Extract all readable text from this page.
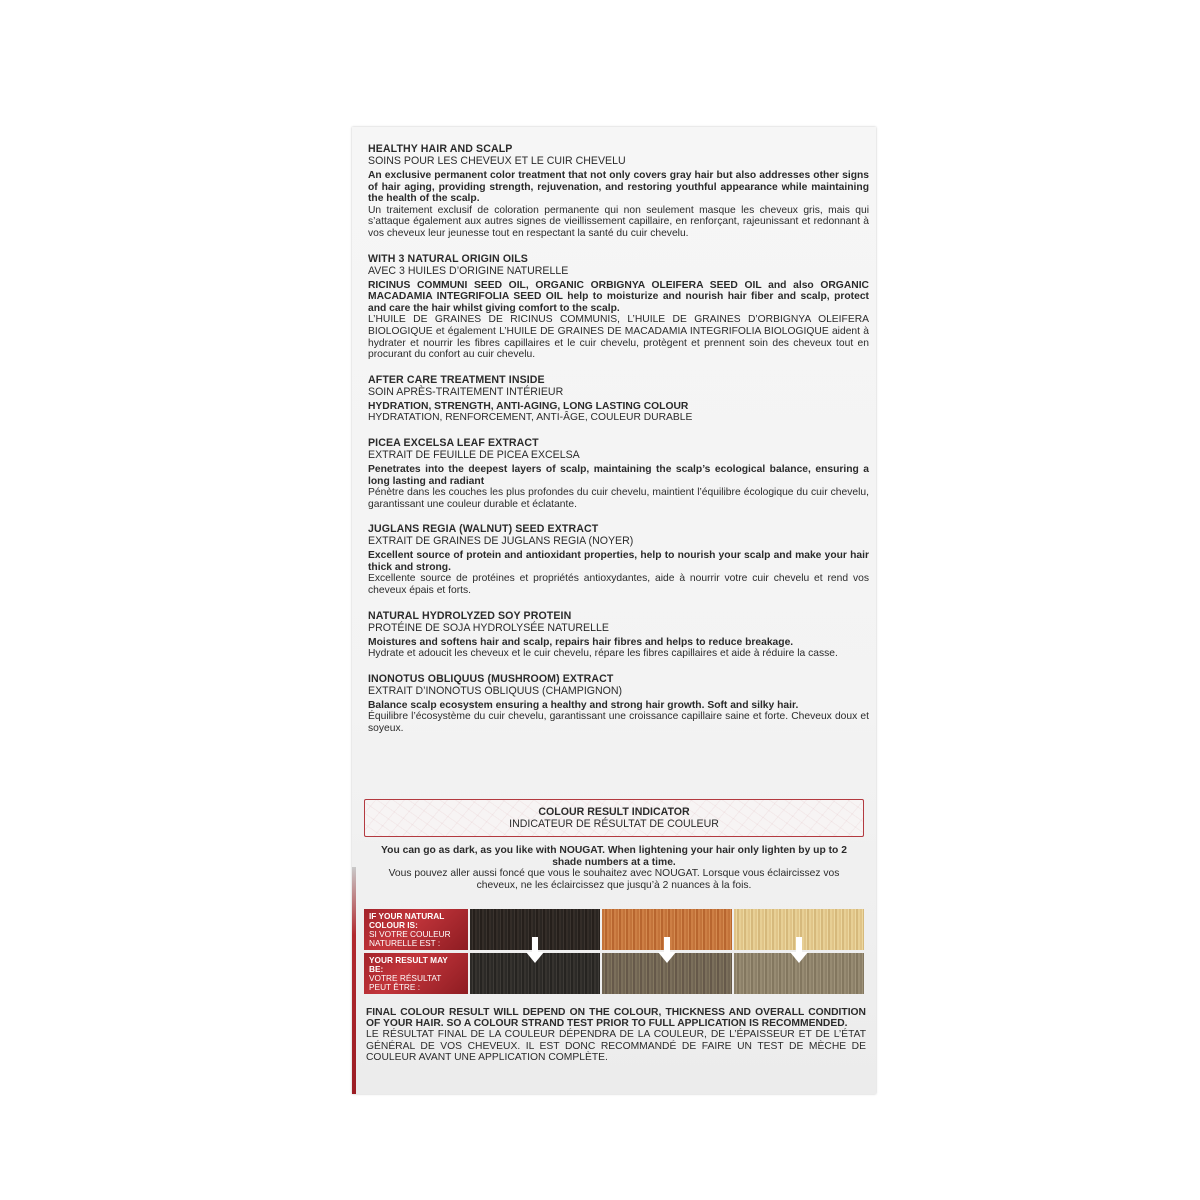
HEALTHY HAIR AND SCALP
SOINS POUR LES CHEVEUX ET LE CUIR CHEVELU
An exclusive permanent color treatment that not only covers gray hair but also addresses other signs of hair aging, providing strength, rejuvenation, and restoring youthful appearance while maintaining the health of the scalp.
Un traitement exclusif de coloration permanente qui non seulement masque les cheveux gris, mais qui s’attaque également aux autres signes de vieillissement capillaire, en renforçant, rajeunissant et redonnant à vos cheveux leur jeunesse tout en respectant la santé du cuir chevelu.
WITH 3 NATURAL ORIGIN OILS
AVEC 3 HUILES D’ORIGINE NATURELLE
RICINUS COMMUNI SEED OIL, ORGANIC ORBIGNYA OLEIFERA SEED OIL and also ORGANIC MACADAMIA INTEGRIFOLIA SEED OIL help to moisturize and nourish hair fiber and scalp, protect and care the hair whilst giving comfort to the scalp.
L’HUILE DE GRAINES DE RICINUS COMMUNIS, L’HUILE DE GRAINES D’ORBIGNYA OLEIFERA BIOLOGIQUE et également L’HUILE DE GRAINES DE MACADAMIA INTEGRIFOLIA BIOLOGIQUE aident à hydrater et nourrir les fibres capillaires et le cuir chevelu, protègent et prennent soin des cheveux tout en procurant du confort au cuir chevelu.
AFTER CARE TREATMENT INSIDE
SOIN APRÈS-TRAITEMENT INTÉRIEUR
HYDRATION, STRENGTH, ANTI-AGING, LONG LASTING COLOUR
HYDRATATION, RENFORCEMENT, ANTI-ÂGE, COULEUR DURABLE
PICEA EXCELSA LEAF EXTRACT
EXTRAIT DE FEUILLE DE PICEA EXCELSA
Penetrates into the deepest layers of scalp, maintaining the scalp’s ecological balance, ensuring a long lasting and radiant
Pénètre dans les couches les plus profondes du cuir chevelu, maintient l’équilibre écologique du cuir chevelu, garantissant une couleur durable et éclatante.
JUGLANS REGIA (WALNUT) SEED EXTRACT
EXTRAIT DE GRAINES DE JUGLANS REGIA (NOYER)
Excellent source of protein and antioxidant properties, help to nourish your scalp and make your hair thick and strong.
Excellente source de protéines et propriétés antioxydantes, aide à nourrir votre cuir chevelu et rend vos cheveux épais et forts.
NATURAL HYDROLYZED SOY PROTEIN
PROTÉINE DE SOJA HYDROLYSÉE NATURELLE
Moistures and softens hair and scalp, repairs hair fibres and helps to reduce breakage.
Hydrate et adoucit les cheveux et le cuir chevelu, répare les fibres capillaires et aide à réduire la casse.
INONOTUS OBLIQUUS (MUSHROOM) EXTRACT
EXTRAIT D’INONOTUS OBLIQUUS (CHAMPIGNON)
Balance scalp ecosystem ensuring a healthy and strong hair growth. Soft and silky hair.
Équilibre l’écosystème du cuir chevelu, garantissant une croissance capillaire saine et forte. Cheveux doux et soyeux.
COLOUR RESULT INDICATOR
INDICATEUR DE RÉSULTAT DE COULEUR
You can go as dark, as you like with NOUGAT. When lightening your hair only lighten by up to 2 shade numbers at a time.
Vous pouvez aller aussi foncé que vous le souhaitez avec NOUGAT. Lorsque vous éclaircissez vos cheveux, ne les éclaircissez que jusqu’à 2 nuances à la fois.
IF YOUR NATURAL COLOUR IS:
SI VOTRE COULEUR NATURELLE EST :
YOUR RESULT MAY BE:
VOTRE RÉSULTAT PEUT ÊTRE :
FINAL COLOUR RESULT WILL DEPEND ON THE COLOUR, THICKNESS AND OVERALL CONDITION OF YOUR HAIR. SO A COLOUR STRAND TEST PRIOR TO FULL APPLICATION IS RECOMMENDED.
LE RÉSULTAT FINAL DE LA COULEUR DÉPENDRA DE LA COULEUR, DE L’ÉPAISSEUR ET DE L’ÉTAT GÉNÉRAL DE VOS CHEVEUX. IL EST DONC RECOMMANDÉ DE FAIRE UN TEST DE MÈCHE DE COULEUR AVANT UNE APPLICATION COMPLÈTE.
